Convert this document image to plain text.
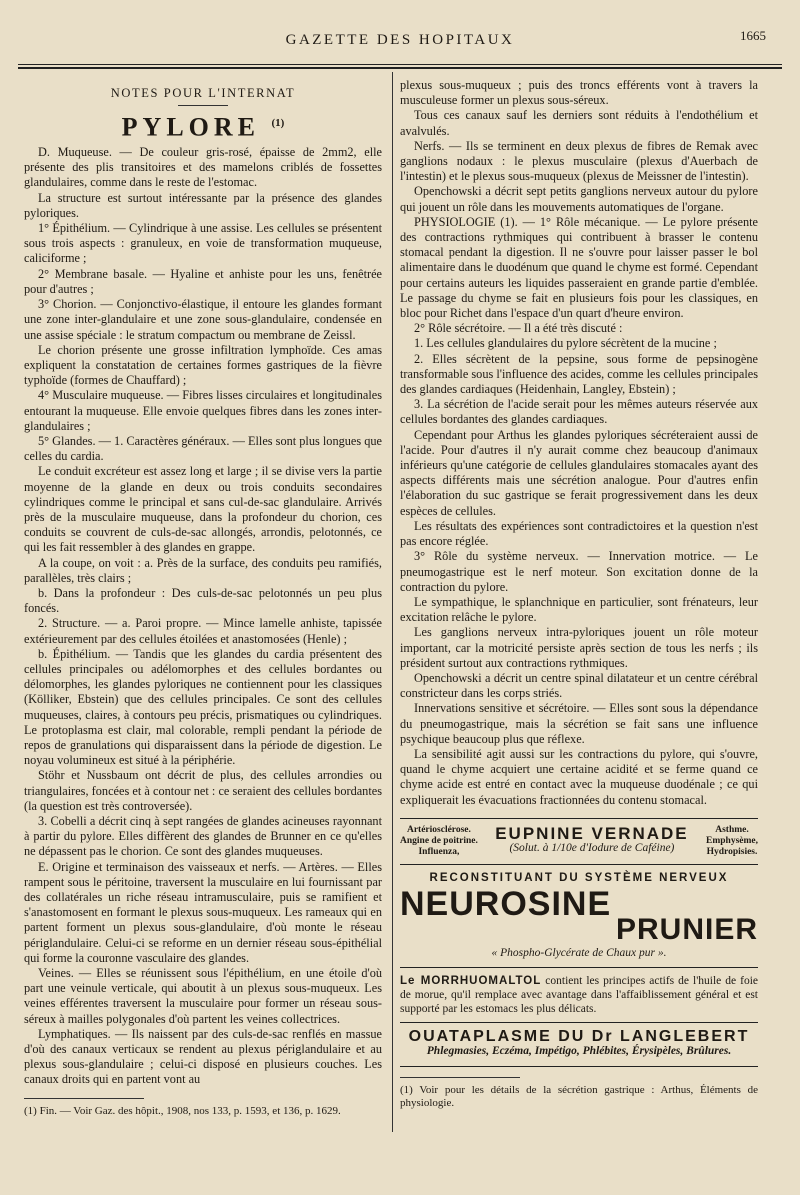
GAZETTE DES HOPITAUX	1665
NOTES POUR L'INTERNAT
PYLORE $^{(1)}$

D. Muqueuse. — De couleur gris-rosé, épaisse de 2mm2, elle présente des plis transitoires et des mamelons criblés de fossettes glandulaires, comme dans le reste de l'estomac.

La structure est surtout intéressante par la présence des glandes pyloriques.

1° Épithélium. — Cylindrique à une assise. Les cellules se présentent sous trois aspects : granuleux, en voie de transformation muqueuse, caliciforme ;

2° Membrane basale. — Hyaline et anhiste pour les uns, fenêtrée pour d'autres ;

3° Chorion. — Conjonctivo-élastique, il entoure les glandes formant une zone inter-glandulaire et une zone sous-glandulaire, condensée en une assise spéciale : le stratum compactum ou membrane de Zeissl.

Le chorion présente une grosse infiltration lymphoïde. Ces amas expliquent la constatation de certaines formes gastriques de la fièvre typhoïde (formes de Chauffard) ;

4° Musculaire muqueuse. — Fibres lisses circulaires et longitudinales entourant la muqueuse. Elle envoie quelques fibres dans les zones inter-glandulaires ;

5° Glandes. — 1. Caractères généraux. — Elles sont plus longues que celles du cardia.

Le conduit excréteur est assez long et large ; il se divise vers la partie moyenne de la glande en deux ou trois conduits secondaires cylindriques comme le principal et sans cul-de-sac glandulaire. Arrivés près de la musculaire muqueuse, dans la profondeur du chorion, ces conduits se couvrent de culs-de-sac allongés, arrondis, pelotonnés, ce qui les fait ressembler à des glandes en grappe.

A la coupe, on voit : a. Près de la surface, des conduits peu ramifiés, parallèles, très clairs ;

b. Dans la profondeur : Des culs-de-sac pelotonnés un peu plus foncés.

2. Structure. — a. Paroi propre. — Mince lamelle anhiste, tapissée extérieurement par des cellules étoilées et anastomosées (Henle) ;

b. Épithélium. — Tandis que les glandes du cardia présentent des cellules principales ou adélomorphes et des cellules bordantes ou délomorphes, les glandes pyloriques ne contiennent pour les classiques (Kölliker, Ebstein) que des cellules principales. Ce sont des cellules muqueuses, claires, à contours peu précis, prismatiques ou cylindriques. Le protoplasma est clair, mal colorable, rempli pendant la période de repos de granulations qui disparaissent dans la période de digestion. Le noyau volumineux est situé à la périphérie.

Stöhr et Nussbaum ont décrit de plus, des cellules arrondies ou triangulaires, foncées et à contour net : ce seraient des cellules bordantes (la question est très controversée).

3. Cobelli a décrit cinq à sept rangées de glandes acineuses rayonnant à partir du pylore. Elles diffèrent des glandes de Brunner en ce qu'elles ne dépassent pas le chorion. Ce sont des glandes muqueuses.

E. Origine et terminaison des vaisseaux et nerfs. — Artères. — Elles rampent sous le péritoine, traversent la musculaire en lui fournissant par des collatérales un riche réseau intramusculaire, puis se ramifient et s'anastomosent en formant le plexus sous-muqueux. Les rameaux qui en partent forment un plexus sous-glandulaire, d'où monte le réseau périglandulaire. Celui-ci se reforme en un dernier réseau sous-épithélial qui forme la couronne vasculaire des glandes.

Veines. — Elles se réunissent sous l'épithélium, en une étoile d'où part une veinule verticale, qui aboutit à un plexus sous-muqueux. Les veines efférentes traversent la musculaire pour former un réseau sous-séreux à mailles polygonales d'où partent les veines collectrices.

Lymphatiques. — Ils naissent par des culs-de-sac renflés en massue d'où des canaux verticaux se rendent au plexus périglandulaire et au plexus sous-glandulaire ; celui-ci disposé en plusieurs couches. Les canaux droits qui en partent vont au

(1) Fin. — Voir Gaz. des hôpit., 1908, nos 133, p. 1593, et 136, p. 1629.

plexus sous-muqueux ; puis des troncs efférents vont à travers la musculeuse former un plexus sous-séreux.

Tous ces canaux sauf les derniers sont réduits à l'endothélium et avalvulés.

Nerfs. — Ils se terminent en deux plexus de fibres de Remak avec ganglions nodaux : le plexus musculaire (plexus d'Auerbach de l'intestin) et le plexus sous-muqueux (plexus de Meissner de l'intestin).

Openchowski a décrit sept petits ganglions nerveux autour du pylore qui jouent un rôle dans les mouvements automatiques de l'organe.

PHYSIOLOGIE (1). — 1° Rôle mécanique. — Le pylore présente des contractions rythmiques qui contribuent à brasser le contenu stomacal pendant la digestion. Il ne s'ouvre pour laisser passer le bol alimentaire dans le duodénum que quand le chyme est formé. Cependant pour certains auteurs les liquides passeraient en grande partie d'emblée. Le passage du chyme se fait en plusieurs fois pour les classiques, en bloc pour Richet dans l'espace d'un quart d'heure environ.

2° Rôle sécrétoire. — Il a été très discuté :

1. Les cellules glandulaires du pylore sécrètent de la mucine ;

2. Elles sécrètent de la pepsine, sous forme de pepsinogène transformable sous l'influence des acides, comme les cellules principales des glandes cardiaques (Heidenhain, Langley, Ebstein) ;

3. La sécrétion de l'acide serait pour les mêmes auteurs réservée aux cellules bordantes des glandes cardiaques.

Cependant pour Arthus les glandes pyloriques sécréteraient aussi de l'acide. Pour d'autres il n'y aurait comme chez beaucoup d'animaux inférieurs qu'une catégorie de cellules glandulaires stomacales ayant des aspects différents mais une sécrétion analogue. Pour d'autres enfin l'élaboration du suc gastrique se ferait progressivement dans les deux espèces de cellules.

Les résultats des expériences sont contradictoires et la question n'est pas encore réglée.

3° Rôle du système nerveux. — Innervation motrice. — Le pneumogastrique est le nerf moteur. Son excitation donne de la contraction du pylore.

Le sympathique, le splanchnique en particulier, sont frénateurs, leur excitation relâche le pylore.

Les ganglions nerveux intra-pyloriques jouent un rôle moteur important, car la motricité persiste après section de tous les nerfs ; ils président surtout aux contractions rythmiques.

Openchowski a décrit un centre spinal dilatateur et un centre cérébral constricteur dans les corps striés.

Innervations sensitive et sécrétoire. — Elles sont sous la dépendance du pneumogastrique, mais la sécrétion se fait sans une influence psychique beaucoup plus que réflexe.

La sensibilité agit aussi sur les contractions du pylore, qui s'ouvre, quand le chyme acquiert une certaine acidité et se ferme quand ce chyme acide est entré en contact avec la muqueuse duodénale ; ce qui expliquerait les évacuations fractionnées du contenu stomacal.

Artériosclérose.
Angine de poitrine.
Influenza,
EUPNINE VERNADE
(Solut. à 1/10e d'Iodure de Caféine)
Asthme.
Emphysème,
Hydropisies.
RECONSTITUANT DU SYSTÈME NERVEUX
NEUROSINE
PRUNIER
« Phospho-Glycérate de Chaux pur ».
Le MORRHUOMALTOL contient les principes actifs de l'huile de foie de morue, qu'il remplace avec avantage dans l'affaiblissement général et est supporté par les estomacs les plus délicats.
OUATAPLASME DU Dr LANGLEBERT
Phlegmasies, Eczéma, Impétigo, Phlébites, Érysipèles, Brûlures.

(1) Voir pour les détails de la sécrétion gastrique : Arthus, Éléments de physiologie.
